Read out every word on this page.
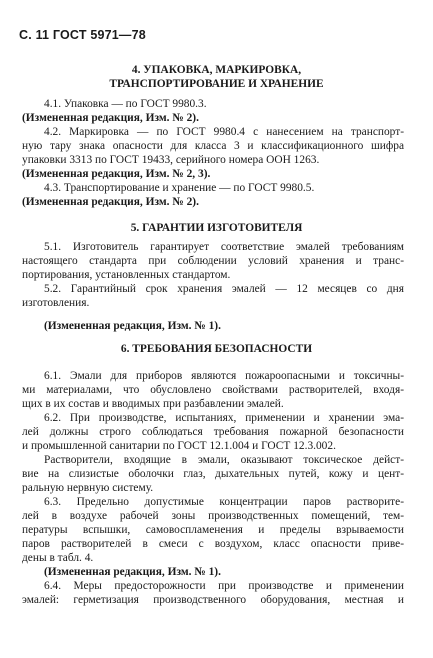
С. 11 ГОСТ 5971—78
4. УПАКОВКА, МАРКИРОВКА,
ТРАНСПОРТИРОВАНИЕ И ХРАНЕНИЕ
4.1. Упаковка — по ГОСТ 9980.3.
(Измененная редакция, Изм. № 2).
4.2. Маркировка — по ГОСТ 9980.4 с нанесением на транспорт-
ную тару знака опасности для класса 3 и классификационного шифра
упаковки 3313 по ГОСТ 19433, серийного номера ООН 1263.
(Измененная редакция, Изм. № 2, 3).
4.3. Транспортирование и хранение — по ГОСТ 9980.5.
(Измененная редакция, Изм. № 2).
5. ГАРАНТИИ ИЗГОТОВИТЕЛЯ
5.1. Изготовитель гарантирует соответствие эмалей требованиям
настоящего стандарта при соблюдении условий хранения и транс-
портирования, установленных стандартом.
5.2. Гарантийный срок хранения эмалей — 12 месяцев со дня
изготовления.
(Измененная редакция, Изм. № 1).
6. ТРЕБОВАНИЯ БЕЗОПАСНОСТИ
6.1. Эмали для приборов являются пожароопасными и токсичны-
ми материалами, что обусловлено свойствами растворителей, входя-
щих в их состав и вводимых при разбавлении эмалей.
6.2. При производстве, испытаниях, применении и хранении эма-
лей должны строго соблюдаться требования пожарной безопасности
и промышленной санитарии по ГОСТ 12.1.004 и ГОСТ 12.3.002.
Растворители, входящие в эмали, оказывают токсическое дейст-
вие на слизистые оболочки глаз, дыхательных путей, кожу и цент-
ральную нервную систему.
6.3. Предельно допустимые концентрации паров растворите-
лей в воздухе рабочей зоны производственных помещений, тем-
пературы вспышки, самовоспламенения и пределы взрываемости
паров растворителей в смеси с воздухом, класс опасности приве-
дены в табл. 4.
(Измененная редакция, Изм. № 1).
6.4. Меры предосторожности при производстве и применении
эмалей: герметизация производственного оборудования, местная и
